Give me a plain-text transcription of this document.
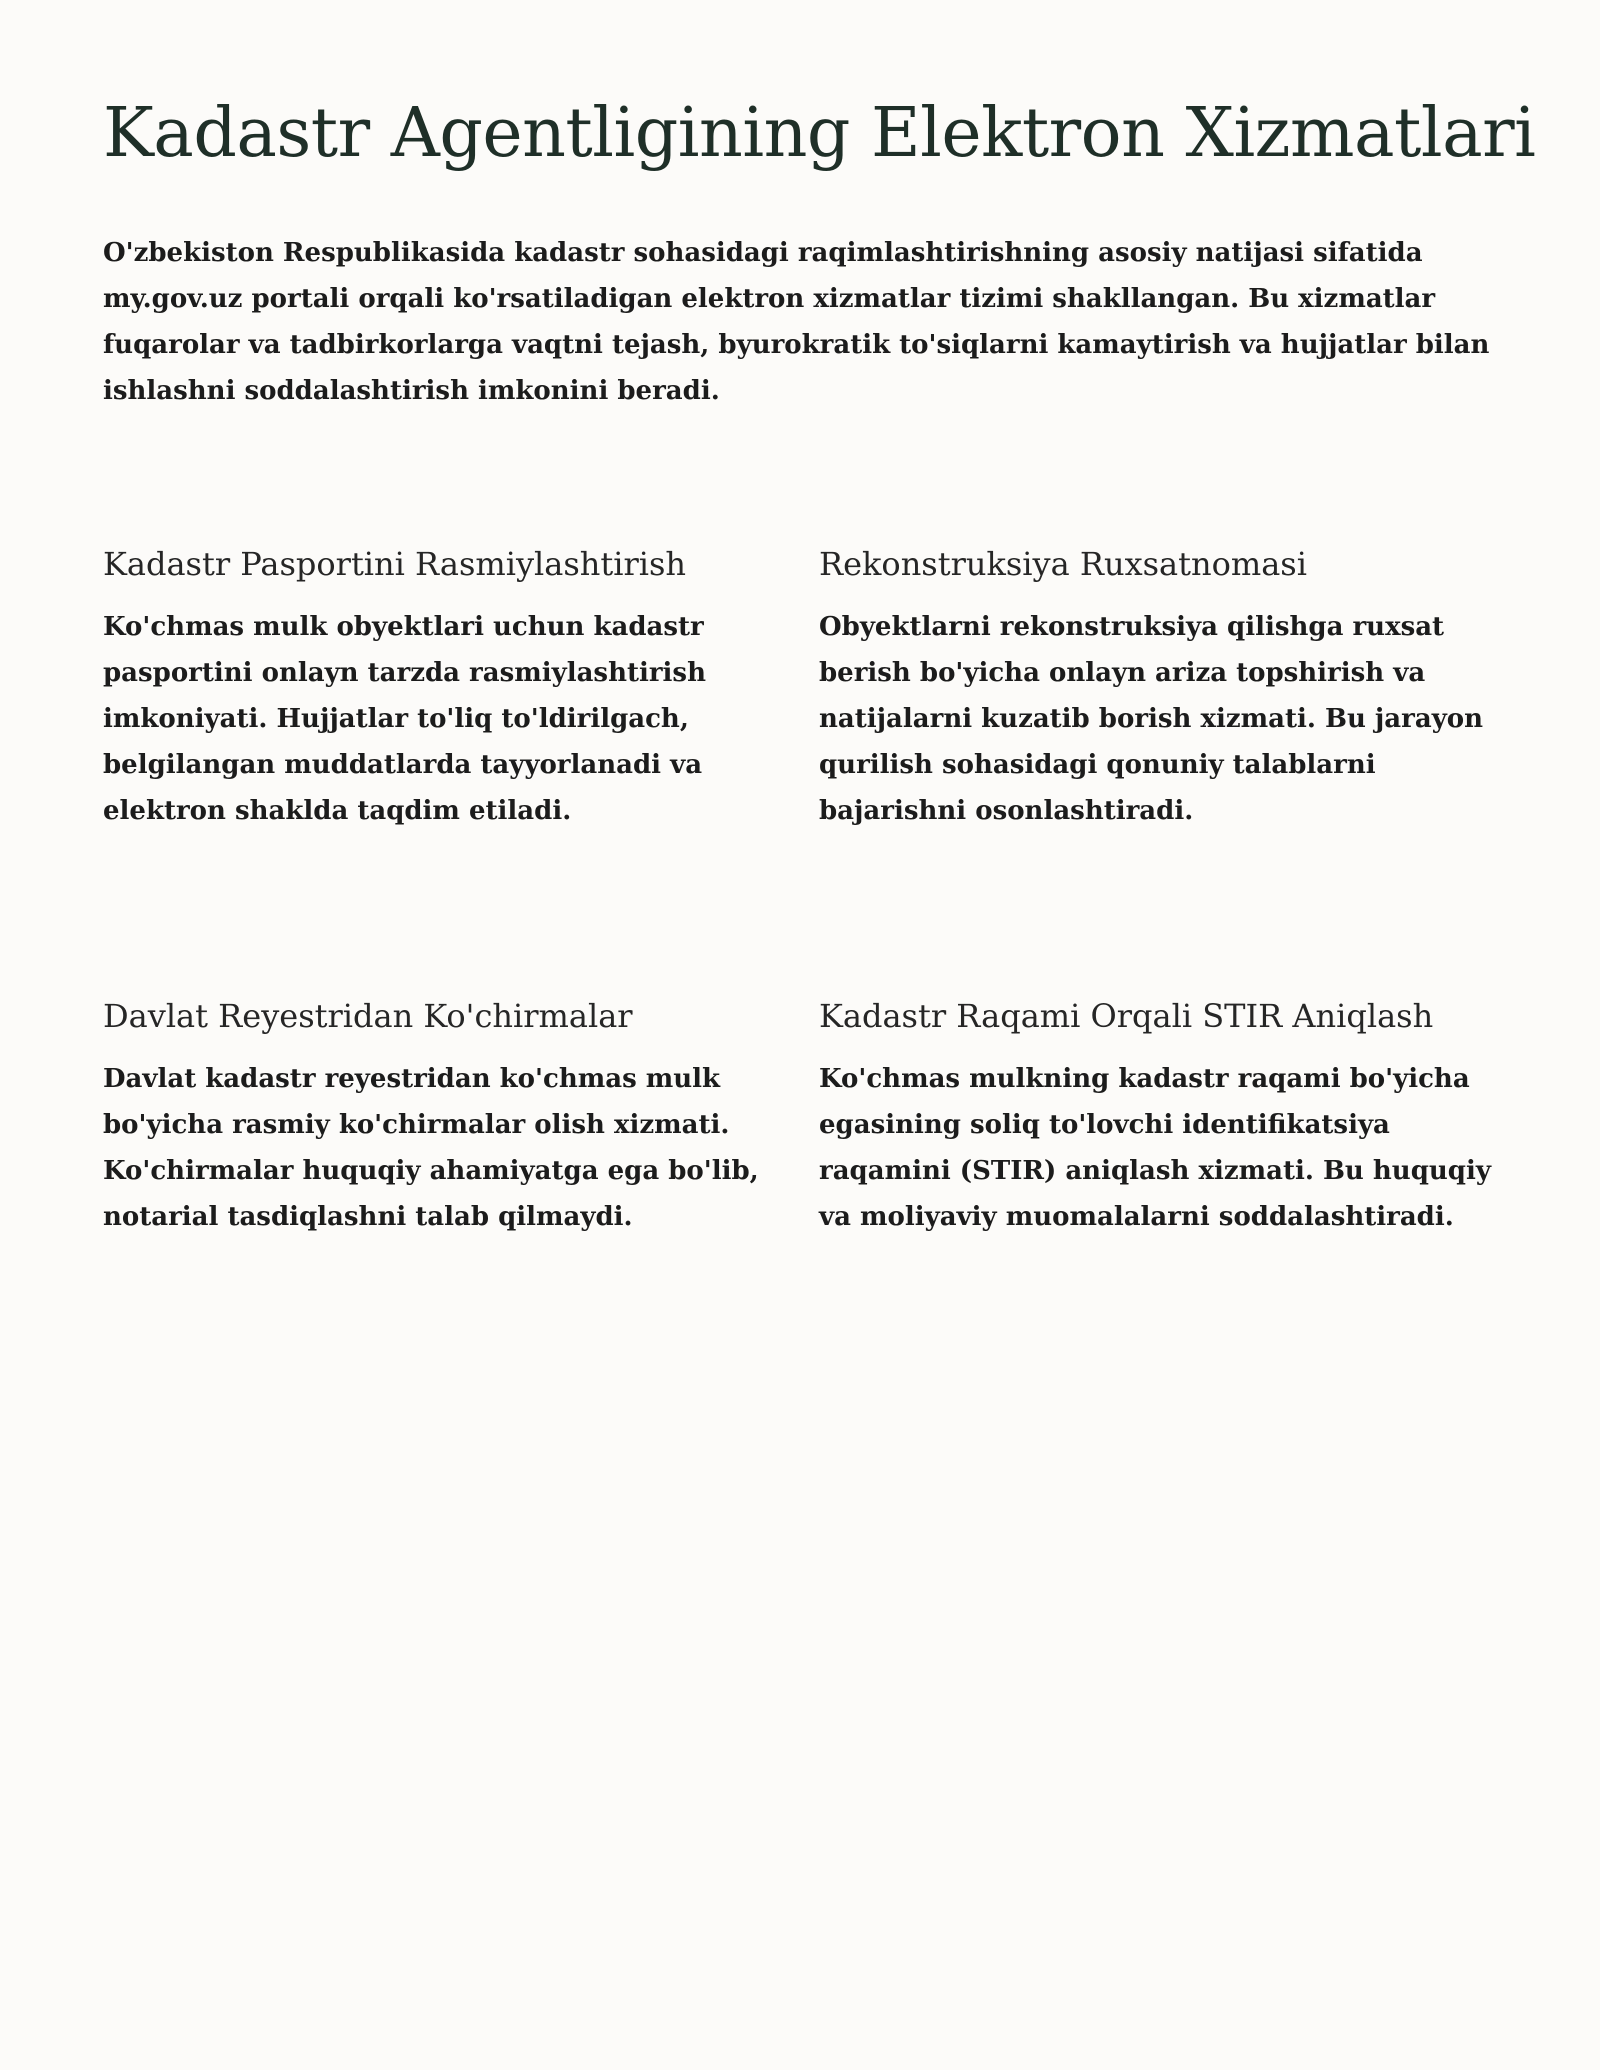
Kadastr Agentligining Elektron Xizmatlari

O'zbekiston Respublikasida kadastr sohasidagi raqimlashtirishning asosiy natijasi sifatida my.gov.uz portali orqali ko'rsatiladigan elektron xizmatlar tizimi shakllangan. Bu xizmatlar fuqarolar va tadbirkorlarga vaqtni tejash, byurokratik to'siqlarni kamaytirish va hujjatlar bilan ishlashni soddalashtirish imkonini beradi.

Kadastr Pasportini Rasmiylashtirish

Ko'chmas mulk obyektlari uchun kadastr pasportini onlayn tarzda rasmiylashtirish imkoniyati. Hujjatlar to'liq to'ldirilgach, belgilangan muddatlarda tayyorlanadi va elektron shaklda taqdim etiladi.

Rekonstruksiya Ruxsatnomasi

Obyektlarni rekonstruksiya qilishga ruxsat berish bo'yicha onlayn ariza topshirish va natijalarni kuzatib borish xizmati. Bu jarayon qurilish sohasidagi qonuniy talablarni bajarishni osonlashtiradi.

Davlat Reyestridan Ko'chirmalar

Davlat kadastr reyestridan ko'chmas mulk bo'yicha rasmiy ko'chirmalar olish xizmati. Ko'chirmalar huquqiy ahamiyatga ega bo'lib, notarial tasdiqlashni talab qilmaydi.

Kadastr Raqami Orqali STIR Aniqlash

Ko'chmas mulkning kadastr raqami bo'yicha egasining soliq to'lovchi identifikatsiya raqamini (STIR) aniqlash xizmati. Bu huquqiy va moliyaviy muomalalarni soddalashtiradi.
